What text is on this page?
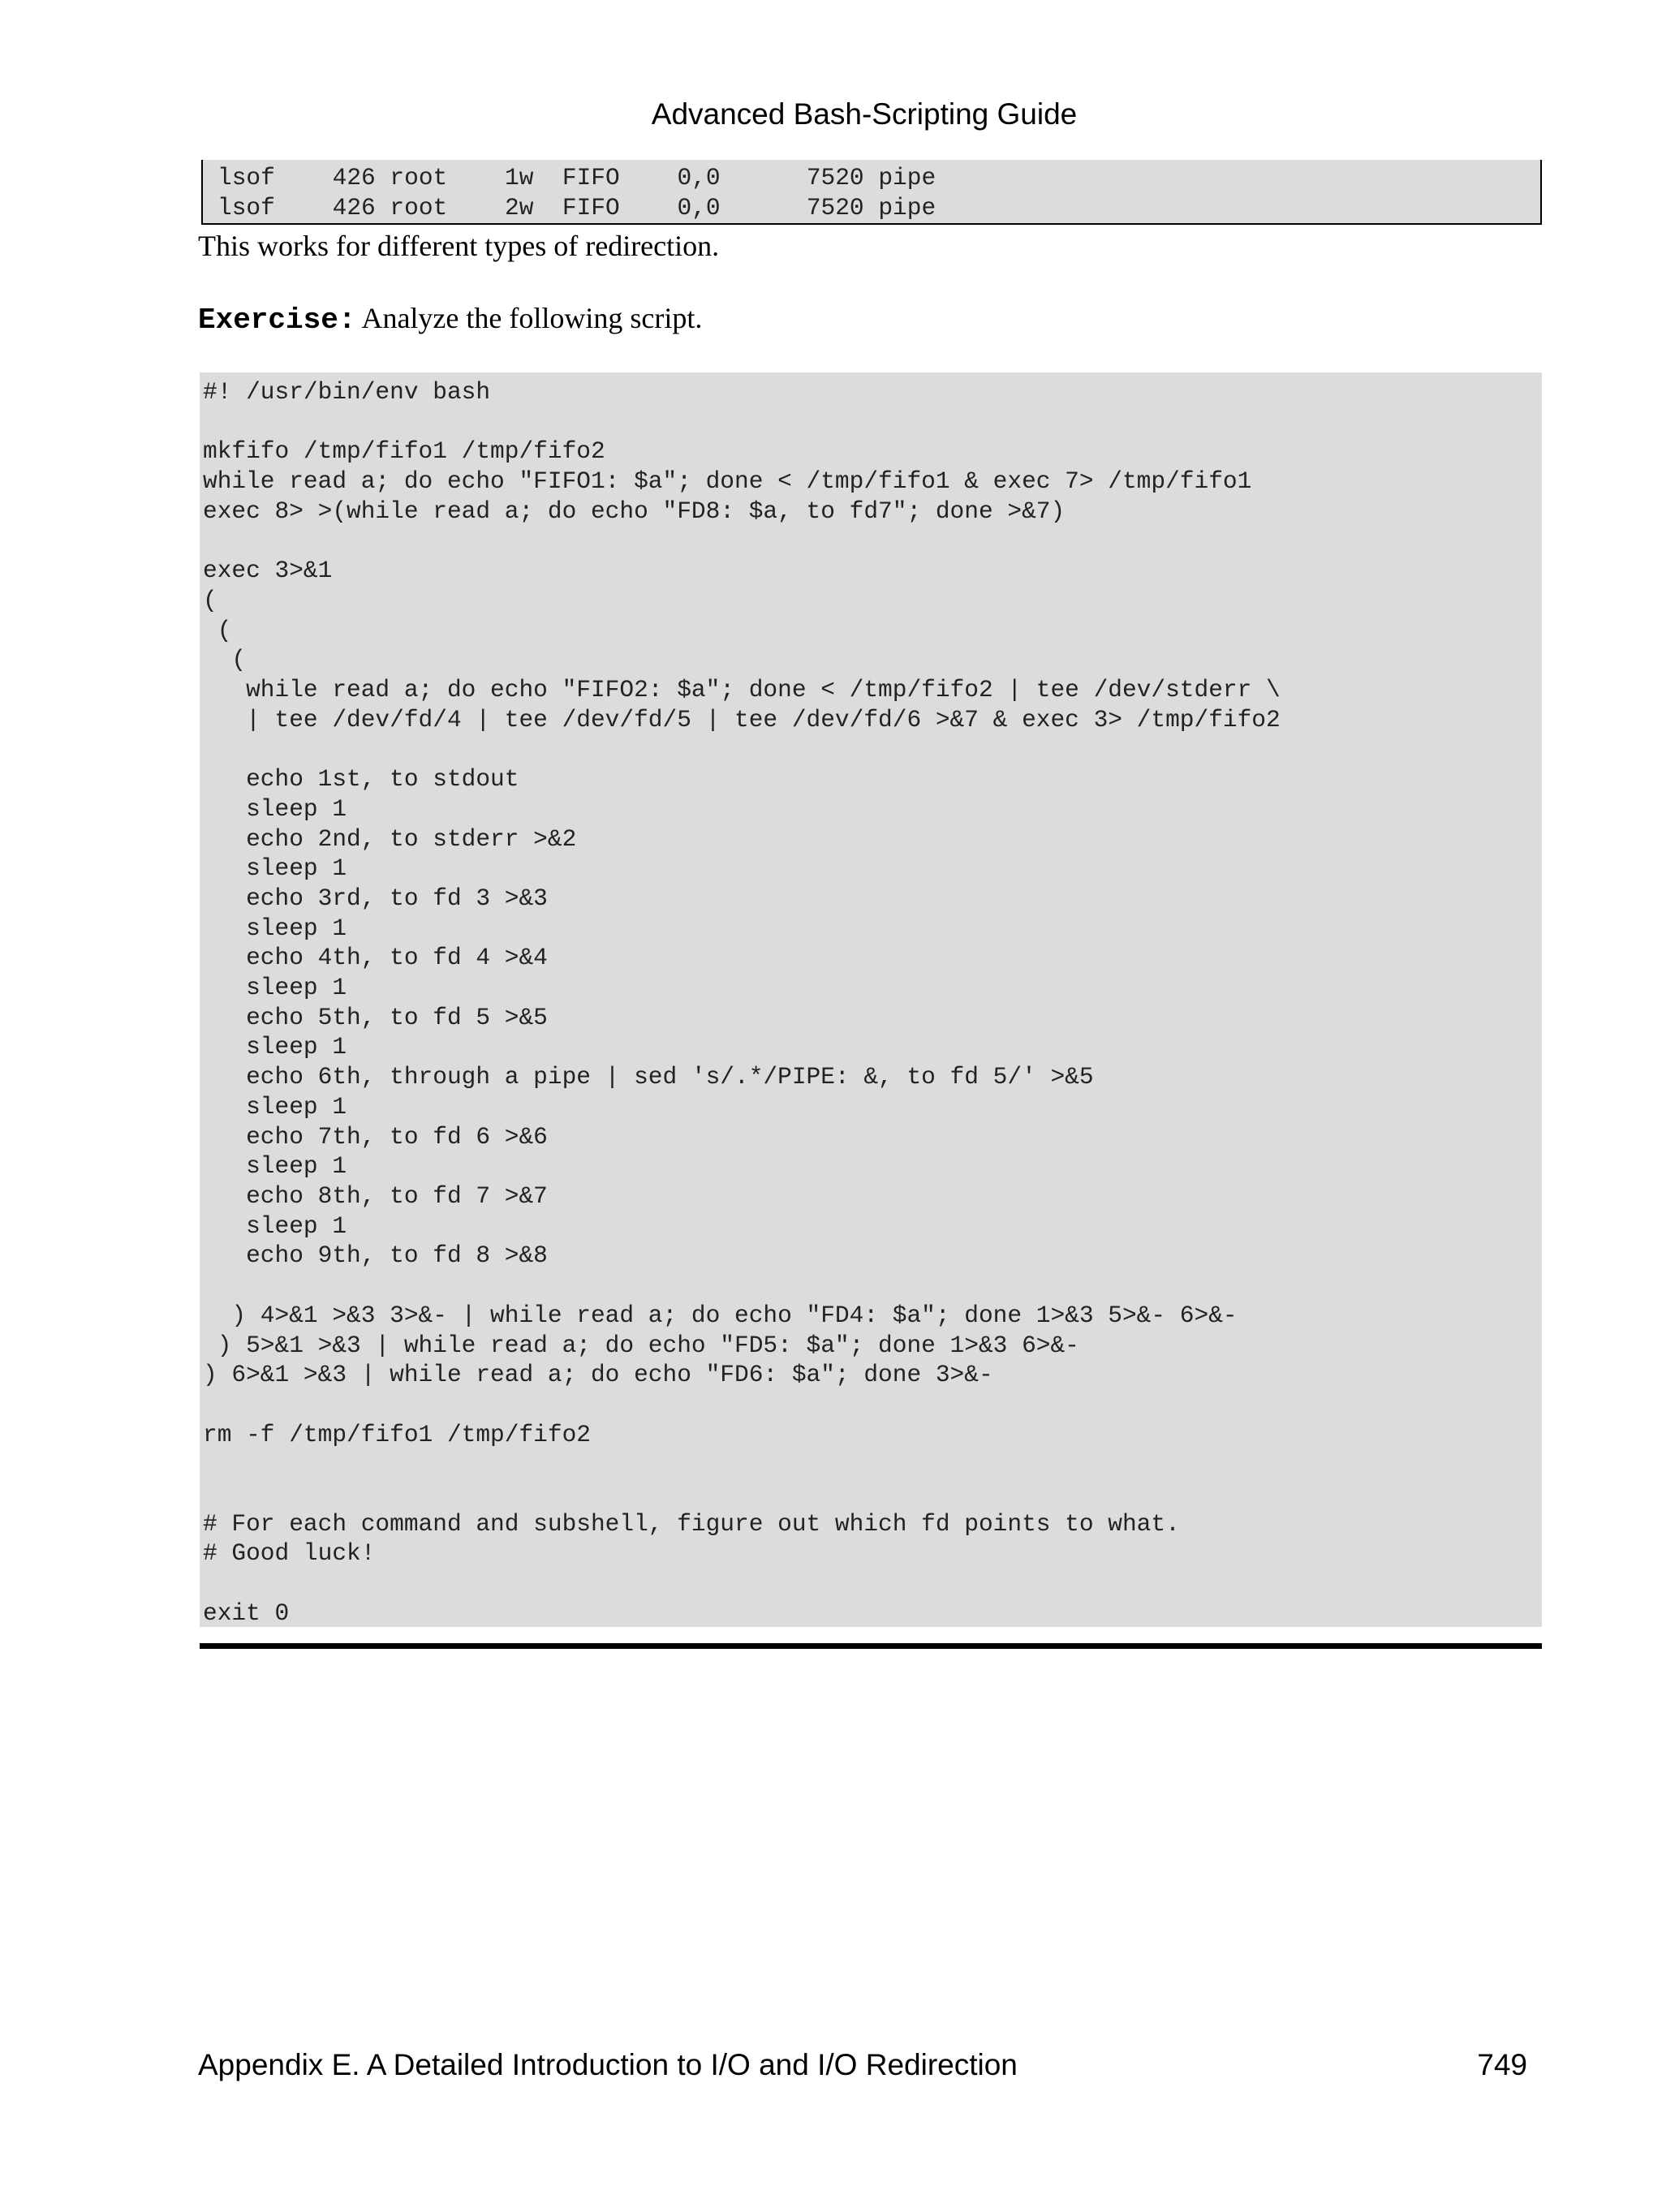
Advanced Bash-Scripting Guide
lsof    426 root    1w  FIFO    0,0      7520 pipe
lsof    426 root    2w  FIFO    0,0      7520 pipe
This works for different types of redirection.
Exercise: Analyze the following script.
#! /usr/bin/env bash

mkfifo /tmp/fifo1 /tmp/fifo2
while read a; do echo "FIFO1: $a"; done < /tmp/fifo1 & exec 7> /tmp/fifo1
exec 8> >(while read a; do echo "FD8: $a, to fd7"; done >&7)

exec 3>&1
(
(
(
while read a; do echo "FIFO2: $a"; done < /tmp/fifo2 | tee /dev/stderr \
| tee /dev/fd/4 | tee /dev/fd/5 | tee /dev/fd/6 >&7 & exec 3> /tmp/fifo2

echo 1st, to stdout
sleep 1
echo 2nd, to stderr >&2
sleep 1
echo 3rd, to fd 3 >&3
sleep 1
echo 4th, to fd 4 >&4
sleep 1
echo 5th, to fd 5 >&5
sleep 1
echo 6th, through a pipe | sed 's/.*/PIPE: &, to fd 5/' >&5
sleep 1
echo 7th, to fd 6 >&6
sleep 1
echo 8th, to fd 7 >&7
sleep 1
echo 9th, to fd 8 >&8

) 4>&1 >&3 3>&- | while read a; do echo "FD4: $a"; done 1>&3 5>&- 6>&-
) 5>&1 >&3 | while read a; do echo "FD5: $a"; done 1>&3 6>&-
) 6>&1 >&3 | while read a; do echo "FD6: $a"; done 3>&-

rm -f /tmp/fifo1 /tmp/fifo2

# For each command and subshell, figure out which fd points to what.
# Good luck!

exit 0
Appendix E. A Detailed Introduction to I/O and I/O Redirection	749
